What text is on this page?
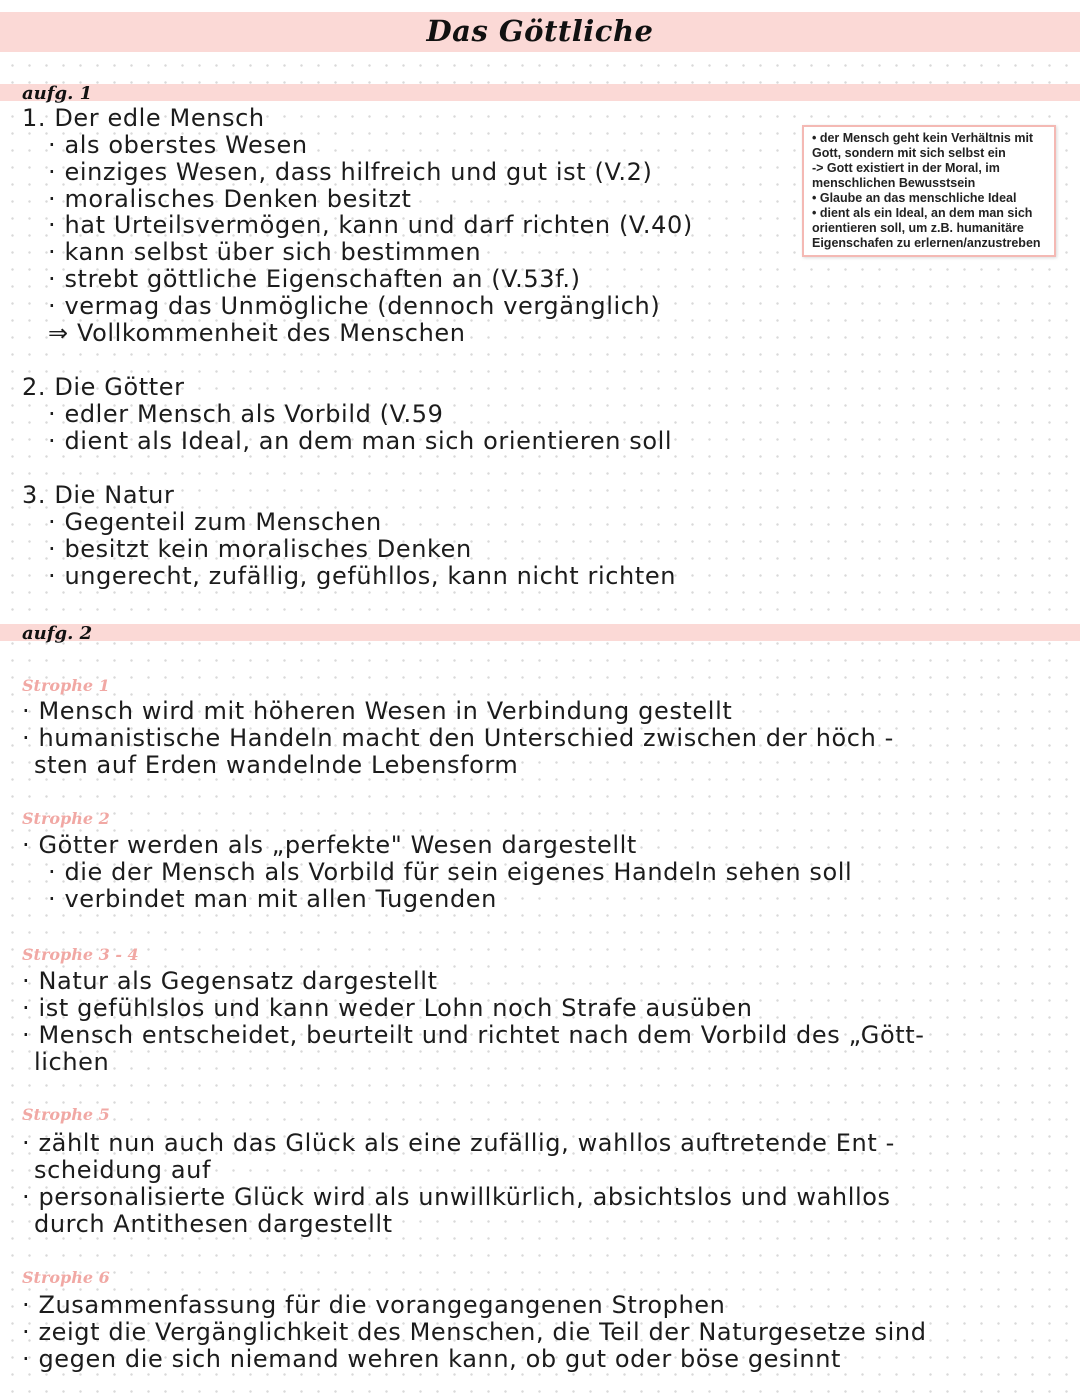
Das Göttliche
aufg. 1
1. Der edle Mensch
· als oberstes Wesen
· einziges Wesen, dass hilfreich und gut ist (V.2)
· moralisches Denken besitzt
· hat Urteilsvermögen, kann und darf richten (V.40)
· kann selbst über sich bestimmen
· strebt göttliche Eigenschaften an (V.53f.)
· vermag das Unmögliche (dennoch vergänglich)
⇒ Vollkommenheit des Menschen
2. Die Götter
· edler Mensch als Vorbild (V.59
· dient als Ideal, an dem man sich orientieren soll
3. Die Natur
· Gegenteil zum Menschen
· besitzt kein moralisches Denken
· ungerecht, zufällig, gefühllos, kann nicht richten
• der Mensch geht kein Verhältnis mit
Gott, sondern mit sich selbst ein
-> Gott existiert in der Moral, im
menschlichen Bewusstsein
• Glaube an das menschliche Ideal
• dient als ein Ideal, an dem man sich
orientieren soll, um z.B. humanitäre
Eigenschafen zu erlernen/anzustreben
aufg. 2
Strophe 1
· Mensch wird mit höheren Wesen in Verbindung gestellt
· humanistische Handeln macht den Unterschied zwischen der höch -
sten auf Erden wandelnde Lebensform
Strophe 2
· Götter werden als „perfekte" Wesen dargestellt
· die der Mensch als Vorbild für sein eigenes Handeln sehen soll
· verbindet man mit allen Tugenden
Strophe 3 - 4
· Natur als Gegensatz dargestellt
· ist gefühlslos und kann weder Lohn noch Strafe ausüben
· Mensch entscheidet, beurteilt und richtet nach dem Vorbild des „Gött-
lichen
Strophe 5
· zählt nun auch das Glück als eine zufällig, wahllos auftretende Ent -
scheidung auf
· personalisierte Glück wird als unwillkürlich, absichtslos und wahllos
durch Antithesen dargestellt
Strophe 6
· Zusammenfassung für die vorangegangenen Strophen
· zeigt die Vergänglichkeit des Menschen, die Teil der Naturgesetze sind
· gegen die sich niemand wehren kann, ob gut oder böse gesinnt
